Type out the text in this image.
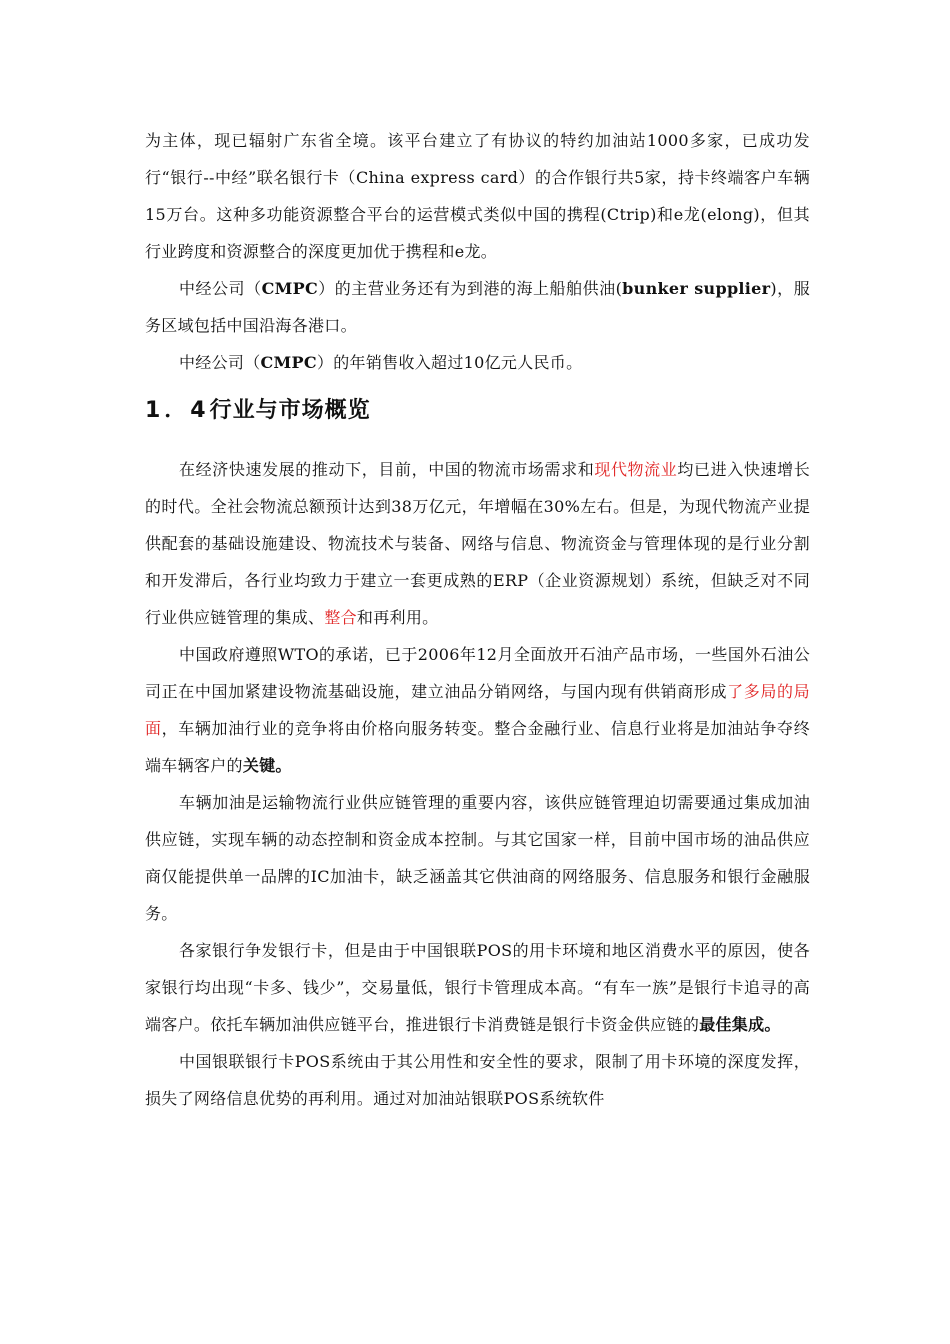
为主体，现已辐射广东省全境。该平台建立了有协议的特约加油站1000多家，已成功发行“银行--中经”联名银行卡（China express card）的合作银行共5家，持卡终端客户车辆15万台。这种多功能资源整合平台的运营模式类似中国的携程(Ctrip)和e龙(elong)，但其行业跨度和资源整合的深度更加优于携程和e龙。

中经公司（CMPC）的主营业务还有为到港的海上船舶供油(bunker supplier)，服务区域包括中国沿海各港口。

中经公司（CMPC）的年销售收入超过10亿元人民币。

1．4行业与市场概览

在经济快速发展的推动下，目前，中国的物流市场需求和现代物流业均已进入快速增长的时代。全社会物流总额预计达到38万亿元，年增幅在30%左右。但是，为现代物流产业提供配套的基础设施建设、物流技术与装备、网络与信息、物流资金与管理体现的是行业分割和开发滞后，各行业均致力于建立一套更成熟的ERP（企业资源规划）系统，但缺乏对不同行业供应链管理的集成、整合和再利用。

中国政府遵照WTO的承诺，已于2006年12月全面放开石油产品市场，一些国外石油公司正在中国加紧建设物流基础设施，建立油品分销网络，与国内现有供销商形成了多局的局面，车辆加油行业的竞争将由价格向服务转变。整合金融行业、信息行业将是加油站争夺终端车辆客户的关键。

车辆加油是运输物流行业供应链管理的重要内容，该供应链管理迫切需要通过集成加油供应链，实现车辆的动态控制和资金成本控制。与其它国家一样，目前中国市场的油品供应商仅能提供单一品牌的IC加油卡，缺乏涵盖其它供油商的网络服务、信息服务和银行金融服务。

各家银行争发银行卡，但是由于中国银联POS的用卡环境和地区消费水平的原因，使各家银行均出现“卡多、钱少”，交易量低，银行卡管理成本高。“有车一族”是银行卡追寻的高端客户。依托车辆加油供应链平台，推进银行卡消费链是银行卡资金供应链的最佳集成。

中国银联银行卡POS系统由于其公用性和安全性的要求，限制了用卡环境的深度发挥，损失了网络信息优势的再利用。通过对加油站银联POS系统软件
